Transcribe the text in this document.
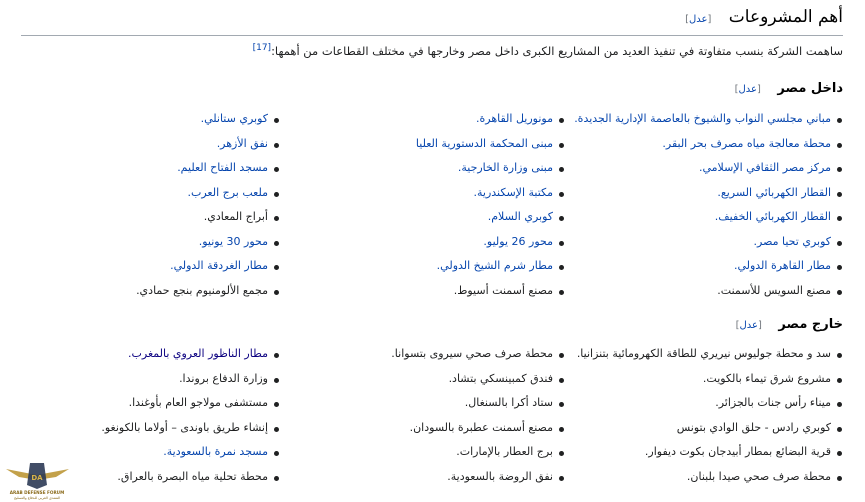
أهم المشروعات [عدل]
ساهمت الشركة بنسب متفاوتة في تنفيذ العديد من المشاريع الكبرى داخل مصر وخارجها في مختلف القطاعات من أهمها:[17]
داخل مصر [عدل]
مباني مجلسي النواب والشيوخ بالعاصمة الإدارية الجديدة.
محطة معالجة مياه مصرف بحر البقر.
مركز مصر الثقافي الإسلامي.
القطار الكهربائي السريع.
القطار الكهربائي الخفيف.
كوبري تحيا مصر.
مطار القاهرة الدولي.
مصنع السويس للأسمنت.
مونوريل القاهرة.
مبنى المحكمة الدستورية العليا
مبنى وزارة الخارجية.
مكتبة الإسكندرية.
كوبري السلام.
محور 26 يوليو.
مطار شرم الشيخ الدولي.
مصنع أسمنت أسيوط.
كوبري ستانلي.
نفق الأزهر.
مسجد الفتاح العليم.
ملعب برج العرب.
أبراج المعادي.
محور 30 يونيو.
مطار الغردقة الدولي.
مجمع الألومنيوم بنجع حمادي.
خارج مصر [عدل]
سد و محطة جوليوس نيريري للطاقة الكهرومائية بتنزانيا.
مشروع شرق تيماء بالكويت.
ميناء رأس جنات بالجزائر.
كوبري رادس - حلق الوادي بتونس
قرية البضائع بمطار أبيدجان بكوت ديفوار.
محطة صرف صحي صيدا بلبنان.
محطة صرف صحي سيروى بتسوانا.
فندق كمبينسكي بتشاد.
ستاد أكرا بالسنغال.
مصنع أسمنت عطبرة بالسودان.
برج العطار بالإمارات.
نفق الروضة بالسعودية.
مطار الناظور العروي بالمغرب.
وزارة الدفاع بروندا.
مستشفى مولاجو العام بأوغندا.
إنشاء طريق باوندى – أولاما بالكونغو.
مسجد نمرة بالسعودية.
محطة تحلية مياه البصرة بالعراق.
DA
ARAB DEFENSE FORUM
المنتدى العربي للدفاع والتسليح
